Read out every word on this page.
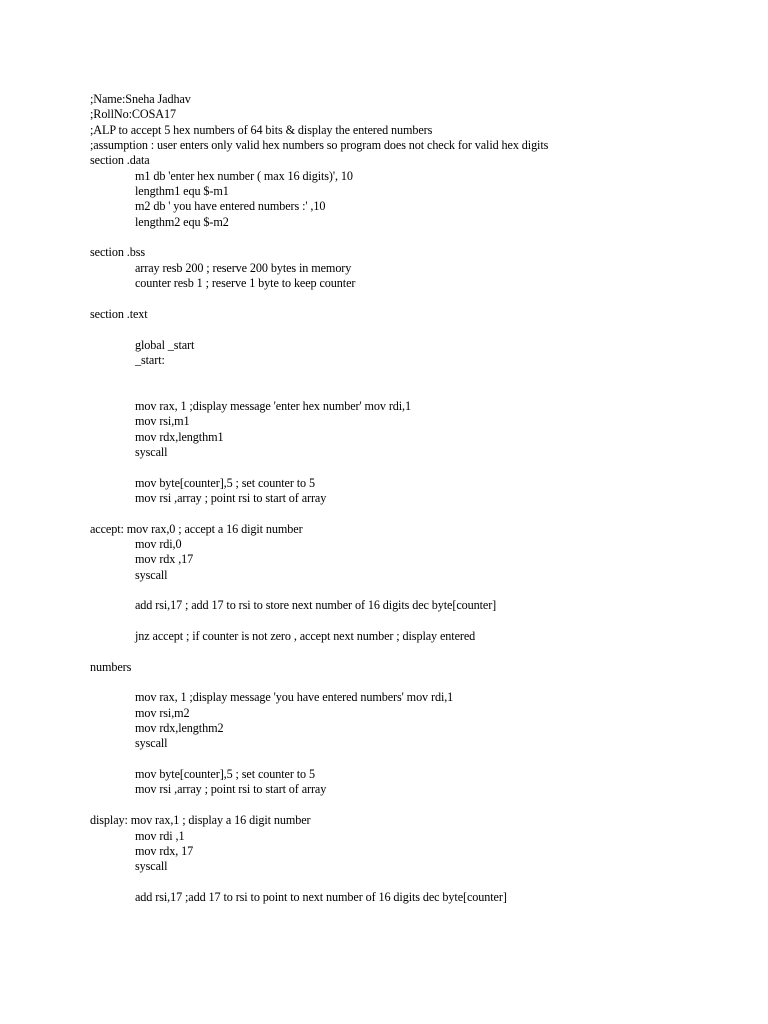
;Name:Sneha Jadhav
;RollNo:COSA17
;ALP to accept 5 hex numbers of 64 bits & display the entered numbers
;assumption : user enters only valid hex numbers so program does not check for valid hex digits
section .data
m1 db 'enter hex number ( max 16 digits)', 10
lengthm1 equ $-m1
m2 db ' you have entered numbers :' ,10
lengthm2 equ $-m2
section .bss
array resb 200 ; reserve 200 bytes in memory
counter resb 1 ; reserve 1 byte to keep counter
section .text
global _start
_start:
mov rax, 1 ;display message 'enter hex number' mov rdi,1
mov rsi,m1
mov rdx,lengthm1
syscall
mov byte[counter],5 ; set counter to 5
mov rsi ,array ; point rsi to start of array
accept: mov rax,0 ; accept a 16 digit number
mov rdi,0
mov rdx ,17
syscall
add rsi,17 ; add 17 to rsi to store next number of 16 digits dec byte[counter]
jnz accept ; if counter is not zero , accept next number ; display entered
numbers
mov rax, 1 ;display message 'you have entered numbers' mov rdi,1
mov rsi,m2
mov rdx,lengthm2
syscall
mov byte[counter],5 ; set counter to 5
mov rsi ,array ; point rsi to start of array
display: mov rax,1 ; display a 16 digit number
mov rdi ,1
mov rdx, 17
syscall
add rsi,17 ;add 17 to rsi to point to next number of 16 digits dec byte[counter]
